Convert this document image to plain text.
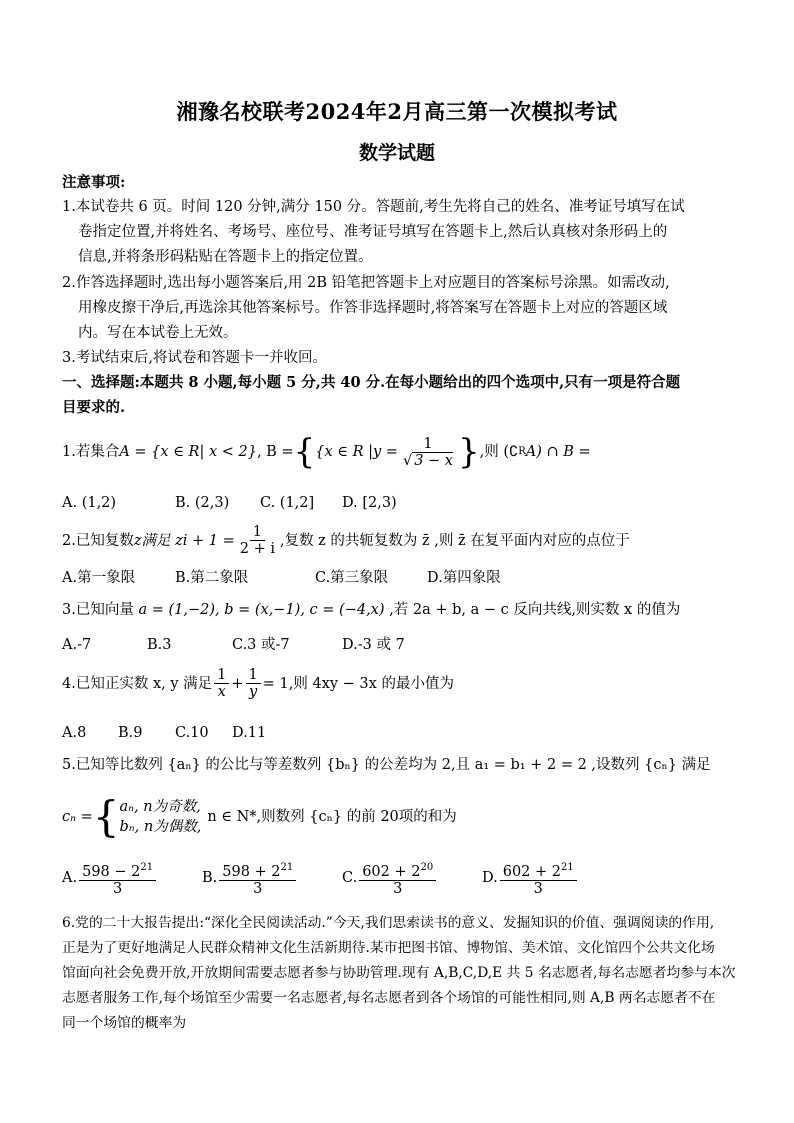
湘豫名校联考2024年2月高三第一次模拟考试
数学试题
注意事项:
1.本试卷共 6 页。时间 120 分钟,满分 150 分。答题前,考生先将自己的姓名、准考证号填写在试
卷指定位置,并将姓名、考场号、座位号、准考证号填写在答题卡上,然后认真核对条形码上的
信息,并将条形码粘贴在答题卡上的指定位置。
2.作答选择题时,选出每小题答案后,用 2B 铅笔把答题卡上对应题目的答案标号涂黑。如需改动,
用橡皮擦干净后,再选涂其他答案标号。作答非选择题时,将答案写在答题卡上对应的答题区域
内。写在本试卷上无效。
3.考试结束后,将试卷和答题卡一并收回。
一、选择题:本题共 8 小题,每小题 5 分,共 40 分.在每小题给出的四个选项中,只有一项是符合题
目要求的.
1.若集合 A = {x ∈ R| x < 2} , B = { {x ∈ R $|y = \frac{1}{√ 3 - x}$ } ,则 (∁ R A) ∩ B =
A. (1,2)	B. (2,3) C. (1,2] D. [2,3)
2.已知复数 z 满足 zi + $1 = \frac{1}{2 + i}$ ,复数 z 的共轭复数为 z̄ ,则 z̄ 在复平面内对应的点位于
A.第一象限	B.第二象限	C.第三象限	D.第四象限
3.已知向量 a = (1,−2), b = (x,−1), c = (−4,x) ,若 2a + b, a − c 反向共线,则实数 x 的值为
A.-7	B.3	C.3 或-7	D.-3 或 7
4.已知正实数 x, y 满足 $\frac{1}{x} + \frac{1}{y} = 1$,则 4xy − 3x 的最小值为
A.8 B.9 C.10 D.11
5.已知等比数列 {aₙ} 的公比与等差数列 {bₙ} 的公差均为 2,且 a₁ = b₁ + 2 = 2 ,设数列 {cₙ} 满足
cₙ = { aₙ, n为奇数,
bₙ, n为偶数,
n ∈ N*,则数列 {cₙ} 的前 20项的和为
A. $\frac{598 - 2^{21}}{3}$	B. $\frac{598 + 2^{21}}{3}$	C. $\frac{602 + 2^{20}}{3}$	D. $\frac{602 + 2^{21}}{3}$
6.党的二十大报告提出:“深化全民阅读活动.”今天,我们思索读书的意义、发掘知识的价值、强调阅读的作用,
正是为了更好地满足人民群众精神文化生活新期待.某市把图书馆、博物馆、美术馆、文化馆四个公共文化场
馆面向社会免费开放,开放期间需要志愿者参与协助管理.现有 A,B,C,D,E 共 5 名志愿者,每名志愿者均参与本次
志愿者服务工作,每个场馆至少需要一名志愿者,每名志愿者到各个场馆的可能性相同,则 A,B 两名志愿者不在
同一个场馆的概率为
